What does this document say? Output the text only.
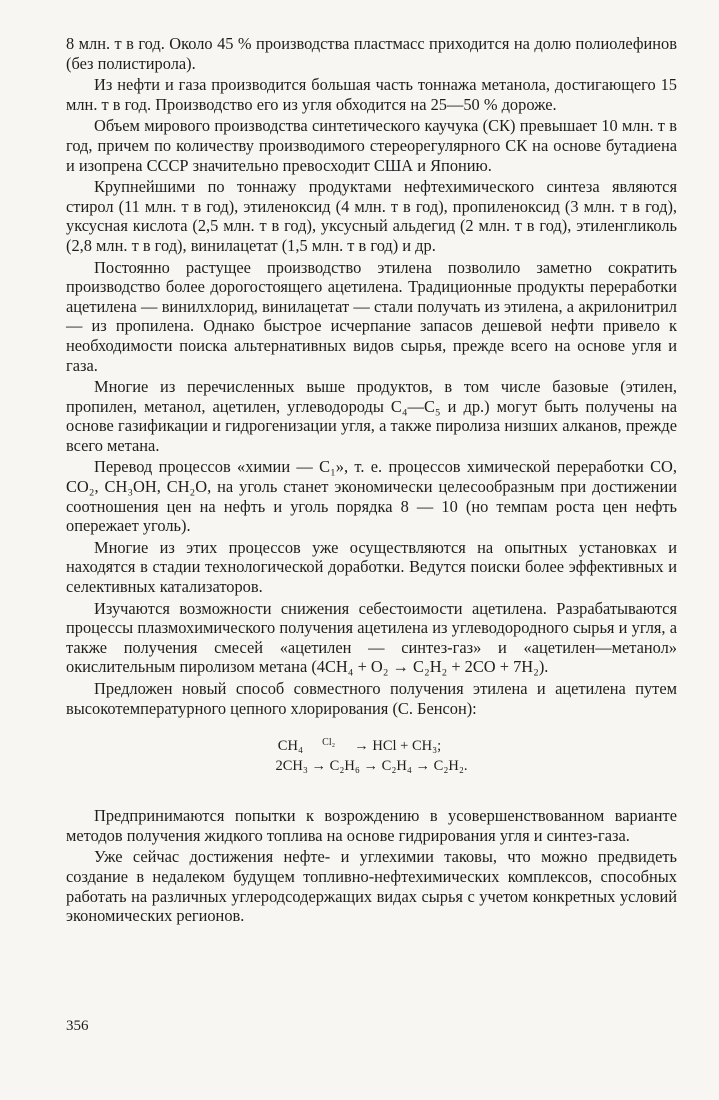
8 млн. т в год. Около 45 % производства пластмасс приходится на долю полиолефинов (без полистирола).

Из нефти и газа производится большая часть тоннажа метанола, достигающего 15 млн. т в год. Производство его из угля обходится на 25—50 % дороже.

Объем мирового производства синтетического каучука (СК) превышает 10 млн. т в год, причем по количеству производимого стереорегулярного СК на основе бутадиена и изопрена СССР значительно превосходит США и Японию.

Крупнейшими по тоннажу продуктами нефтехимического синтеза являются стирол (11 млн. т в год), этиленоксид (4 млн. т в год), пропиленоксид (3 млн. т в год), уксусная кислота (2,5 млн. т в год), уксусный альдегид (2 млн. т в год), этиленгликоль (2,8 млн. т в год), винилацетат (1,5 млн. т в год) и др.

Постоянно растущее производство этилена позволило заметно сократить производство более дорогостоящего ацетилена. Традиционные продукты переработки ацетилена — винилхлорид, винилацетат — стали получать из этилена, а акрилонитрил — из пропилена. Однако быстрое исчерпание запасов дешевой нефти привело к необходимости поиска альтернативных видов сырья, прежде всего на основе угля и газа.

Многие из перечисленных выше продуктов, в том числе базовые (этилен, пропилен, метанол, ацетилен, углеводороды С₄—С₅ и др.) могут быть получены на основе газификации и гидрогенизации угля, а также пиролиза низших алканов, прежде всего метана.

Перевод процессов «химии — С₁», т. е. процессов химической переработки СО, СО₂, СН₃ОН, СН₂О, на уголь станет экономически целесообразным при достижении соотношения цен на нефть и уголь порядка 8 — 10 (но темпам роста цен нефть опережает уголь).

Многие из этих процессов уже осуществляются на опытных установках и находятся в стадии технологической доработки. Ведутся поиски более эффективных и селективных катализаторов.

Изучаются возможности снижения себестоимости ацетилена. Разрабатываются процессы плазмохимического получения ацетилена из углеводородного сырья и угля, а также получения смесей «ацетилен — синтез-газ» и «ацетилен—метанол» окислительным пиролизом метана (4СН₄ + О₂ → С₂Н₂ + 2СО + 7Н₂).

Предложен новый способ совместного получения этилена и ацетилена путем высокотемпературного цепного хлорирования (С. Бенсон):

СН₄	Cl₂	→ НСl + СН₃;
2СН₃ → С₂Н₆ → С₂Н₄ → С₂Н₂.

Предпринимаются попытки к возрождению в усовершенствованном варианте методов получения жидкого топлива на основе гидрирования угля и синтез-газа.

Уже сейчас достижения нефте- и углехимии таковы, что можно предвидеть создание в недалеком будущем топливно-нефтехимических комплексов, способных работать на различных углеродсодержащих видах сырья с учетом конкретных условий экономических регионов.

356
